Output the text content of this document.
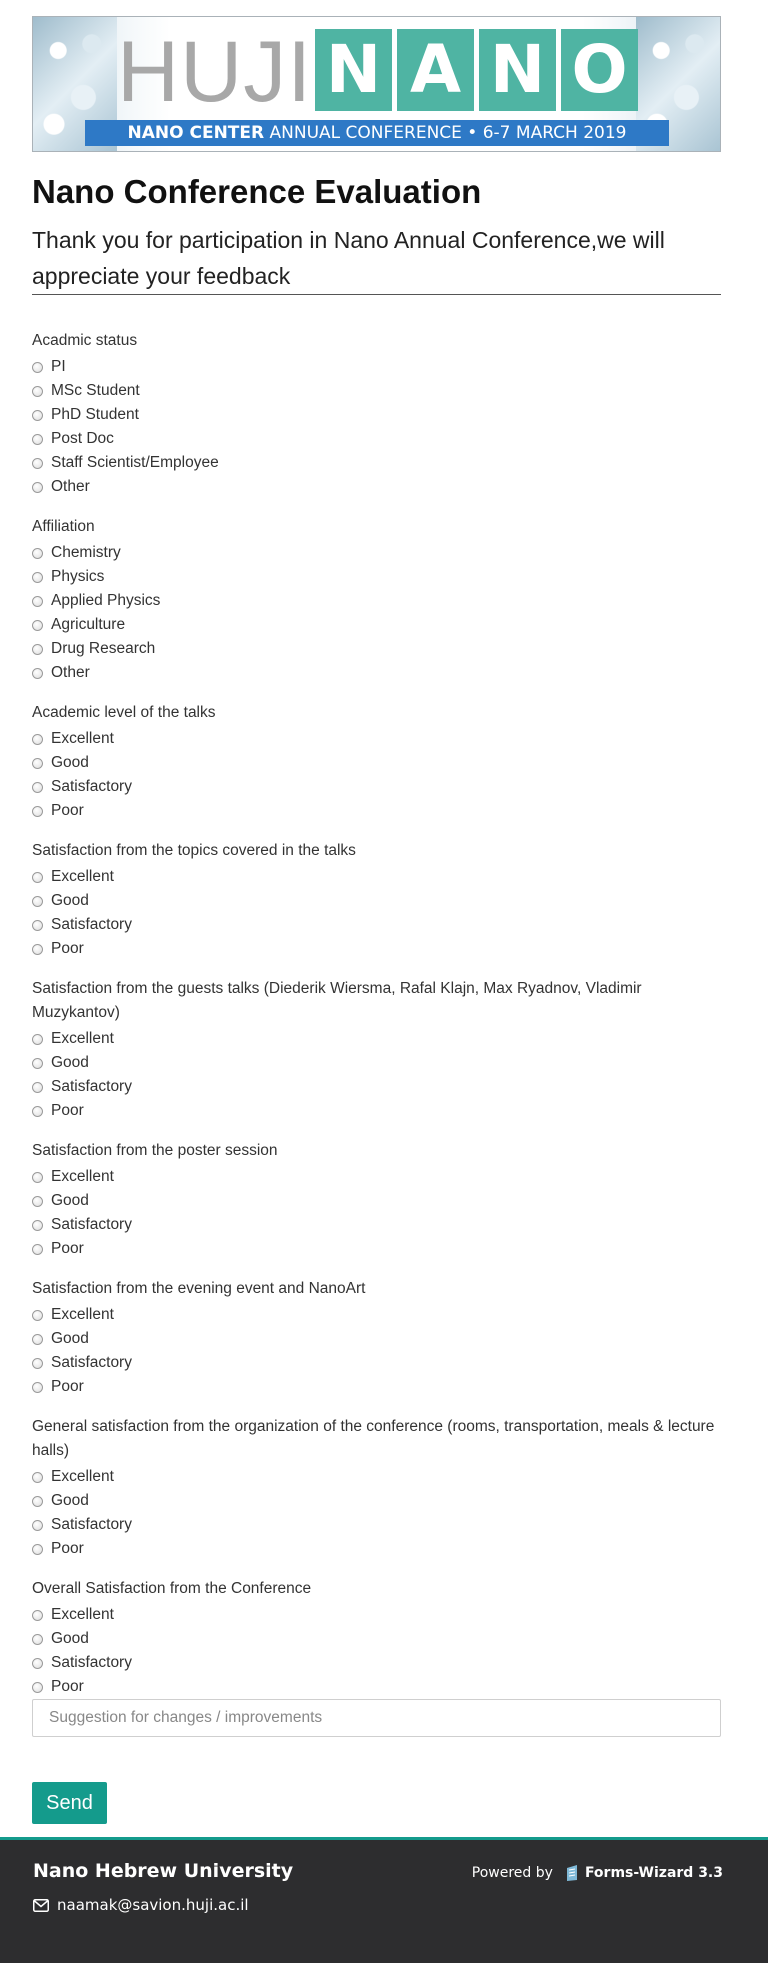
HUJI N A N O
NANO CENTER ANNUAL CONFERENCE • 6-7 MARCH 2019
Nano Conference Evaluation
Thank you for participation in Nano Annual Conference,we will appreciate your feedback
Acadmic status
PI
MSc Student
PhD Student
Post Doc
Staff Scientist/Employee
Other
Affiliation
Chemistry
Physics
Applied Physics
Agriculture
Drug Research
Other
Academic level of the talks
Excellent
Good
Satisfactory
Poor
Satisfaction from the topics covered in the talks
Excellent
Good
Satisfactory
Poor
Satisfaction from the guests talks (Diederik Wiersma, Rafal Klajn, Max Ryadnov, Vladimir Muzykantov)
Excellent
Good
Satisfactory
Poor
Satisfaction from the poster session
Excellent
Good
Satisfactory
Poor
Satisfaction from the evening event and NanoArt
Excellent
Good
Satisfactory
Poor
General satisfaction from the organization of the conference (rooms, transportation, meals & lecture halls)
Excellent
Good
Satisfactory
Poor
Overall Satisfaction from the Conference
Excellent
Good
Satisfactory
Poor
Suggestion for changes / improvements
Send
Nano Hebrew University
naamak@savion.huji.ac.il
Powered by Forms-Wizard 3.3
